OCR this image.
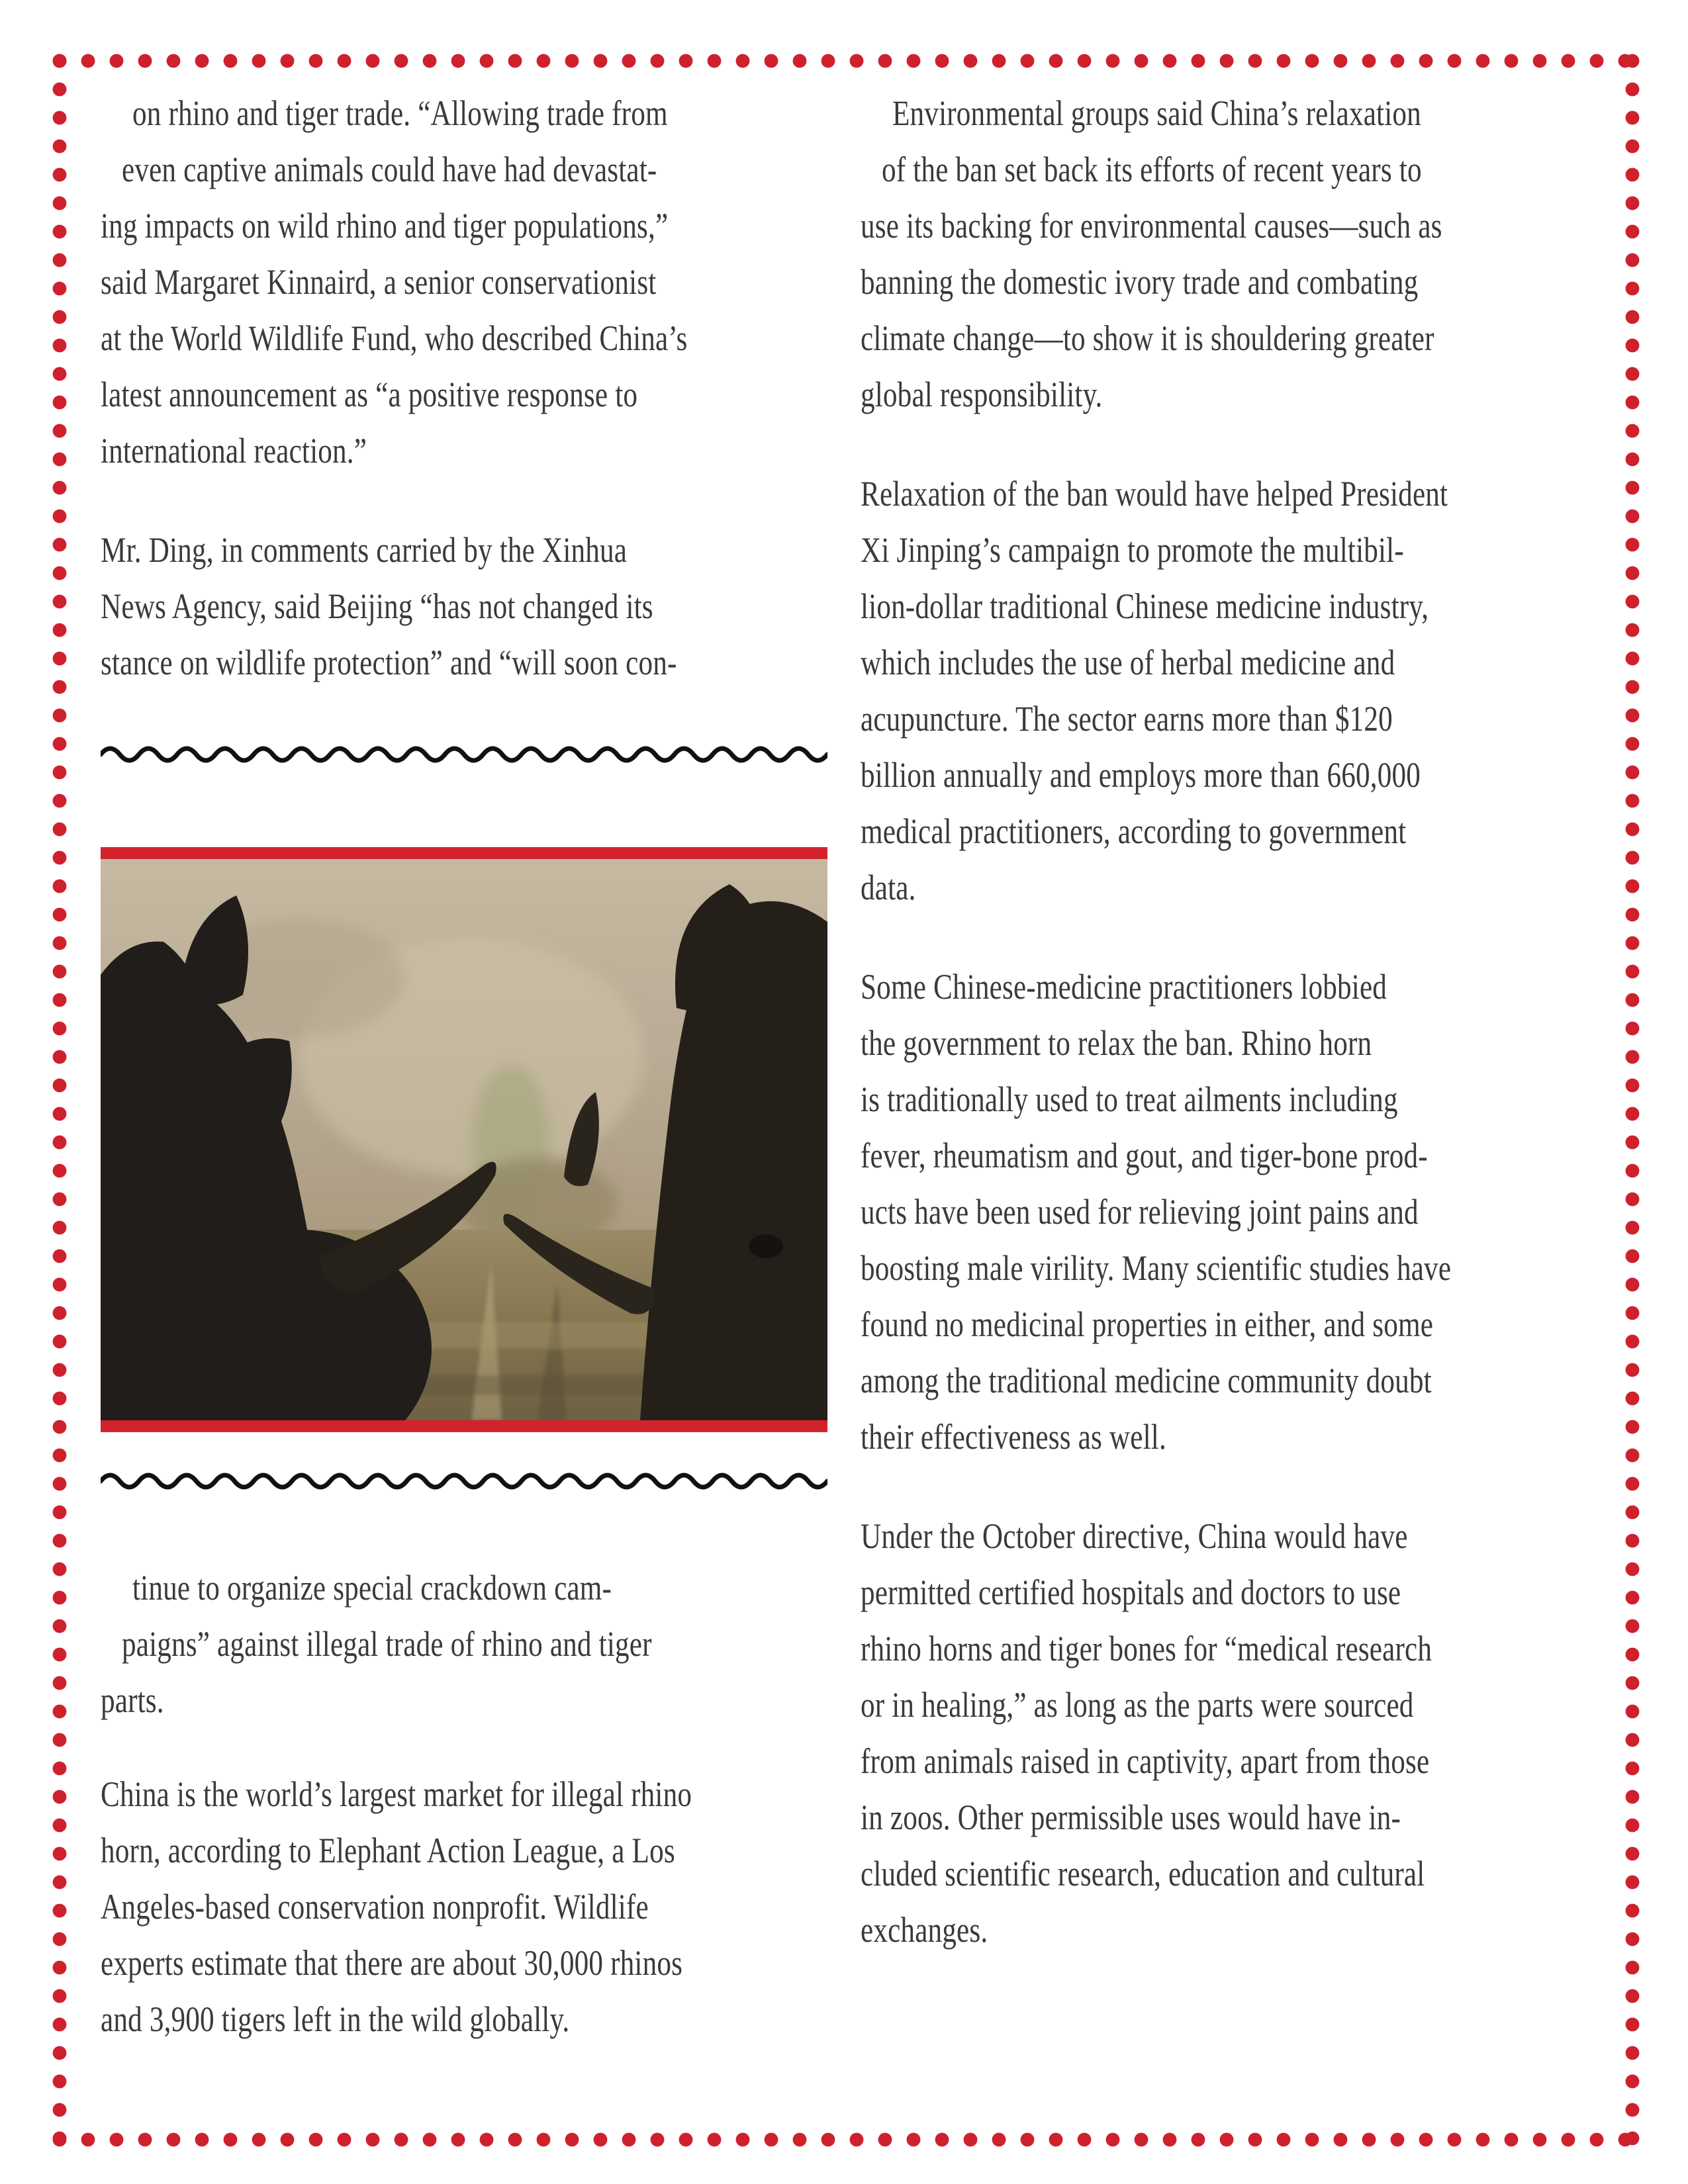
on rhino and tiger trade. “Allowing trade from
even captive animals could have had devastat-
ing impacts on wild rhino and tiger populations,”
said Margaret Kinnaird, a senior conservationist
at the World Wildlife Fund, who described China’s
latest announcement as “a positive response to
international reaction.”
Mr. Ding, in comments carried by the Xinhua
News Agency, said Beijing “has not changed its
stance on wildlife protection” and “will soon con-
tinue to organize special crackdown cam-
paigns” against illegal trade of rhino and tiger
parts.
China is the world’s largest market for illegal rhino
horn, according to Elephant Action League, a Los
Angeles-based conservation nonprofit. Wildlife
experts estimate that there are about 30,000 rhinos
and 3,900 tigers left in the wild globally.
Environmental groups said China’s relaxation
of the ban set back its efforts of recent years to
use its backing for environmental causes—such as
banning the domestic ivory trade and combating
climate change—to show it is shouldering greater
global responsibility.
Relaxation of the ban would have helped President
Xi Jinping’s campaign to promote the multibil-
lion-dollar traditional Chinese medicine industry,
which includes the use of herbal medicine and
acupuncture. The sector earns more than $120
billion annually and employs more than 660,000
medical practitioners, according to government
data.
Some Chinese-medicine practitioners lobbied
the government to relax the ban. Rhino horn
is traditionally used to treat ailments including
fever, rheumatism and gout, and tiger-bone prod-
ucts have been used for relieving joint pains and
boosting male virility. Many scientific studies have
found no medicinal properties in either, and some
among the traditional medicine community doubt
their effectiveness as well.
Under the October directive, China would have
permitted certified hospitals and doctors to use
rhino horns and tiger bones for “medical research
or in healing,” as long as the parts were sourced
from animals raised in captivity, apart from those
in zoos. Other permissible uses would have in-
cluded scientific research, education and cultural
exchanges.
